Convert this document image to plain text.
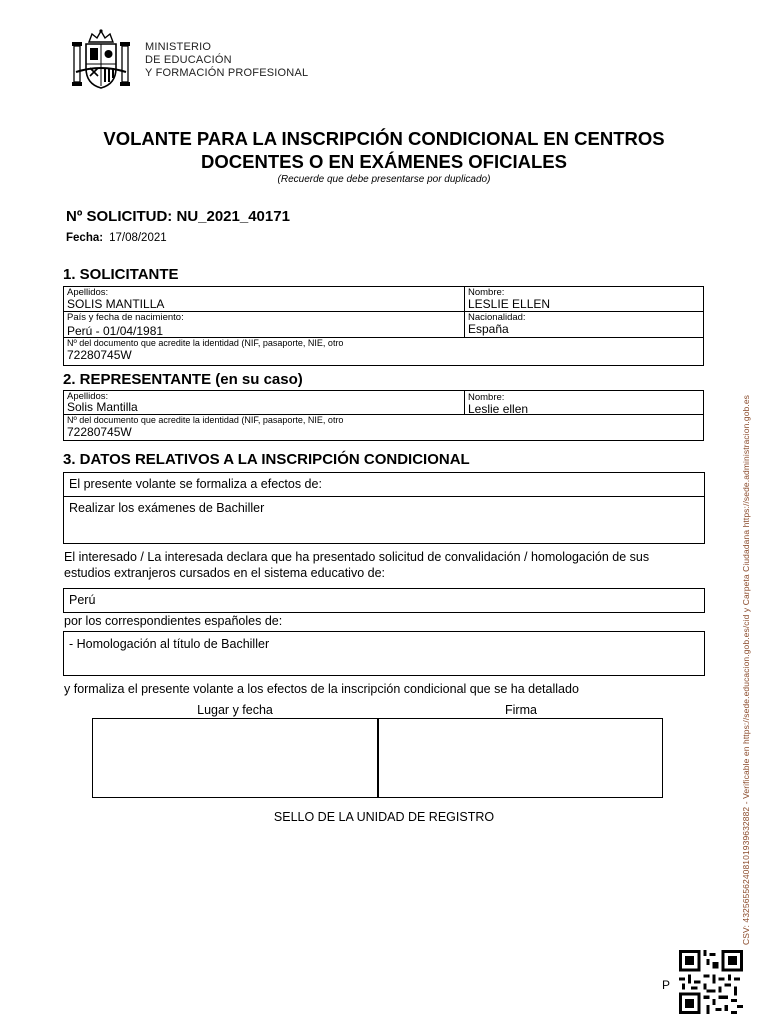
MINISTERIO
DE EDUCACIÓN
Y FORMACIÓN PROFESIONAL
VOLANTE PARA LA INSCRIPCIÓN CONDICIONAL EN CENTROS
DOCENTES O EN EXÁMENES OFICIALES
(Recuerde que debe presentarse por duplicado)
Nº SOLICITUD: NU_2021_40171
Fecha: 17/08/2021
1. SOLICITANTE
Apellidos:
SOLIS MANTILLA
Nombre:
LESLIE ELLEN
País y fecha de nacimiento:
Perú - 01/04/1981
Nacionalidad:
España
Nº del documento que acredite la identidad (NIF, pasaporte, NIE, otro
72280745W
2. REPRESENTANTE (en su caso)
Apellidos:
Solis Mantilla
Nombre:
Leslie ellen
Nº del documento que acredite la identidad (NIF, pasaporte, NIE, otro
72280745W
3. DATOS RELATIVOS A LA INSCRIPCIÓN CONDICIONAL
El presente volante se formaliza a efectos de:
Realizar los exámenes de Bachiller
El interesado / La interesada declara que ha presentado solicitud de convalidación / homologación de sus
estudios extranjeros cursados en el sistema educativo de:
Perú
por los correspondientes españoles de:
- Homologación al título de Bachiller
y formaliza el presente volante a los efectos de la inscripción condicional que se ha detallado
Lugar y fecha	Firma
SELLO DE LA UNIDAD DE REGISTRO	CSV: 432565562408101939632882 - Verificable en https://sede.educacion.gob.es/cid y Carpeta Ciudadana https://sede.administracion.gob.es
P
